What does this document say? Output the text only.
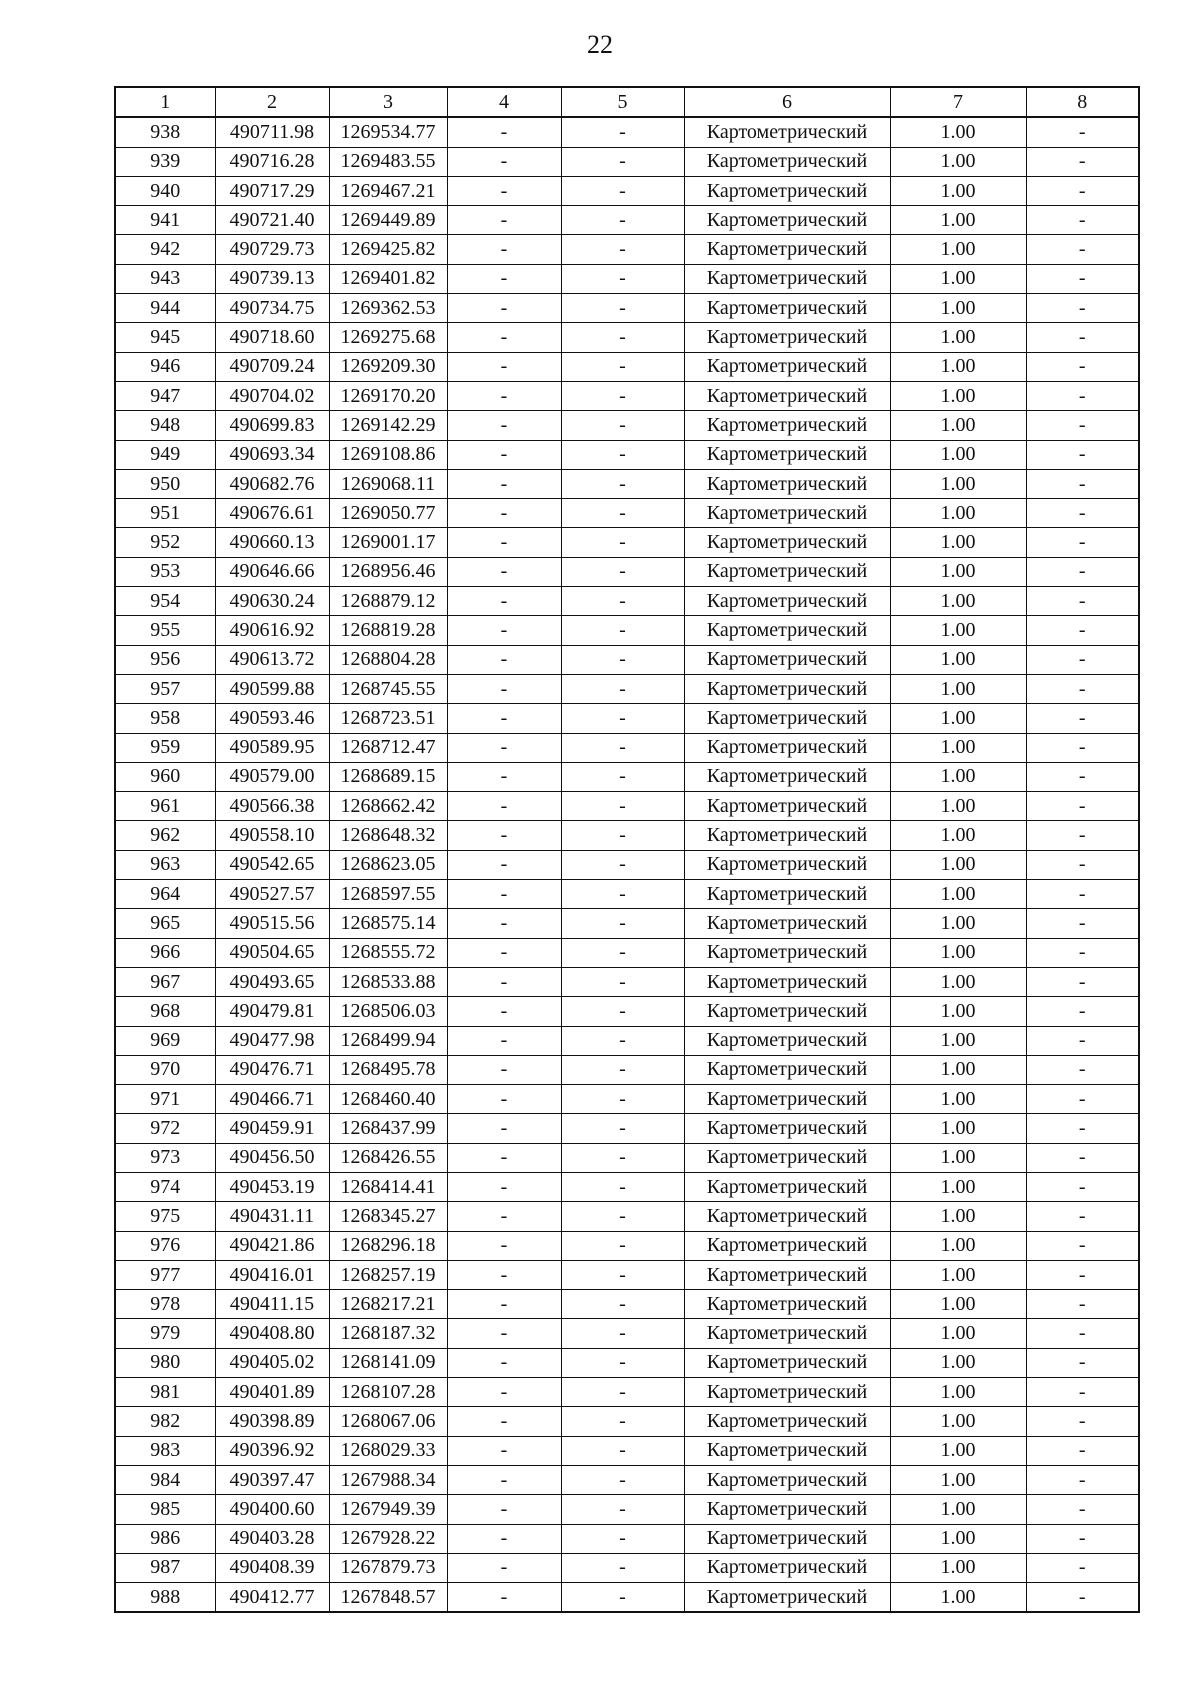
22
1	2	3	4	5	6	7	8
938	490711.98	1269534.77	-	-	Картометрический	1.00	-
939	490716.28	1269483.55	-	-	Картометрический	1.00	-
940	490717.29	1269467.21	-	-	Картометрический	1.00	-
941	490721.40	1269449.89	-	-	Картометрический	1.00	-
942	490729.73	1269425.82	-	-	Картометрический	1.00	-
943	490739.13	1269401.82	-	-	Картометрический	1.00	-
944	490734.75	1269362.53	-	-	Картометрический	1.00	-
945	490718.60	1269275.68	-	-	Картометрический	1.00	-
946	490709.24	1269209.30	-	-	Картометрический	1.00	-
947	490704.02	1269170.20	-	-	Картометрический	1.00	-
948	490699.83	1269142.29	-	-	Картометрический	1.00	-
949	490693.34	1269108.86	-	-	Картометрический	1.00	-
950	490682.76	1269068.11	-	-	Картометрический	1.00	-
951	490676.61	1269050.77	-	-	Картометрический	1.00	-
952	490660.13	1269001.17	-	-	Картометрический	1.00	-
953	490646.66	1268956.46	-	-	Картометрический	1.00	-
954	490630.24	1268879.12	-	-	Картометрический	1.00	-
955	490616.92	1268819.28	-	-	Картометрический	1.00	-
956	490613.72	1268804.28	-	-	Картометрический	1.00	-
957	490599.88	1268745.55	-	-	Картометрический	1.00	-
958	490593.46	1268723.51	-	-	Картометрический	1.00	-
959	490589.95	1268712.47	-	-	Картометрический	1.00	-
960	490579.00	1268689.15	-	-	Картометрический	1.00	-
961	490566.38	1268662.42	-	-	Картометрический	1.00	-
962	490558.10	1268648.32	-	-	Картометрический	1.00	-
963	490542.65	1268623.05	-	-	Картометрический	1.00	-
964	490527.57	1268597.55	-	-	Картометрический	1.00	-
965	490515.56	1268575.14	-	-	Картометрический	1.00	-
966	490504.65	1268555.72	-	-	Картометрический	1.00	-
967	490493.65	1268533.88	-	-	Картометрический	1.00	-
968	490479.81	1268506.03	-	-	Картометрический	1.00	-
969	490477.98	1268499.94	-	-	Картометрический	1.00	-
970	490476.71	1268495.78	-	-	Картометрический	1.00	-
971	490466.71	1268460.40	-	-	Картометрический	1.00	-
972	490459.91	1268437.99	-	-	Картометрический	1.00	-
973	490456.50	1268426.55	-	-	Картометрический	1.00	-
974	490453.19	1268414.41	-	-	Картометрический	1.00	-
975	490431.11	1268345.27	-	-	Картометрический	1.00	-
976	490421.86	1268296.18	-	-	Картометрический	1.00	-
977	490416.01	1268257.19	-	-	Картометрический	1.00	-
978	490411.15	1268217.21	-	-	Картометрический	1.00	-
979	490408.80	1268187.32	-	-	Картометрический	1.00	-
980	490405.02	1268141.09	-	-	Картометрический	1.00	-
981	490401.89	1268107.28	-	-	Картометрический	1.00	-
982	490398.89	1268067.06	-	-	Картометрический	1.00	-
983	490396.92	1268029.33	-	-	Картометрический	1.00	-
984	490397.47	1267988.34	-	-	Картометрический	1.00	-
985	490400.60	1267949.39	-	-	Картометрический	1.00	-
986	490403.28	1267928.22	-	-	Картометрический	1.00	-
987	490408.39	1267879.73	-	-	Картометрический	1.00	-
988	490412.77	1267848.57	-	-	Картометрический	1.00	-
